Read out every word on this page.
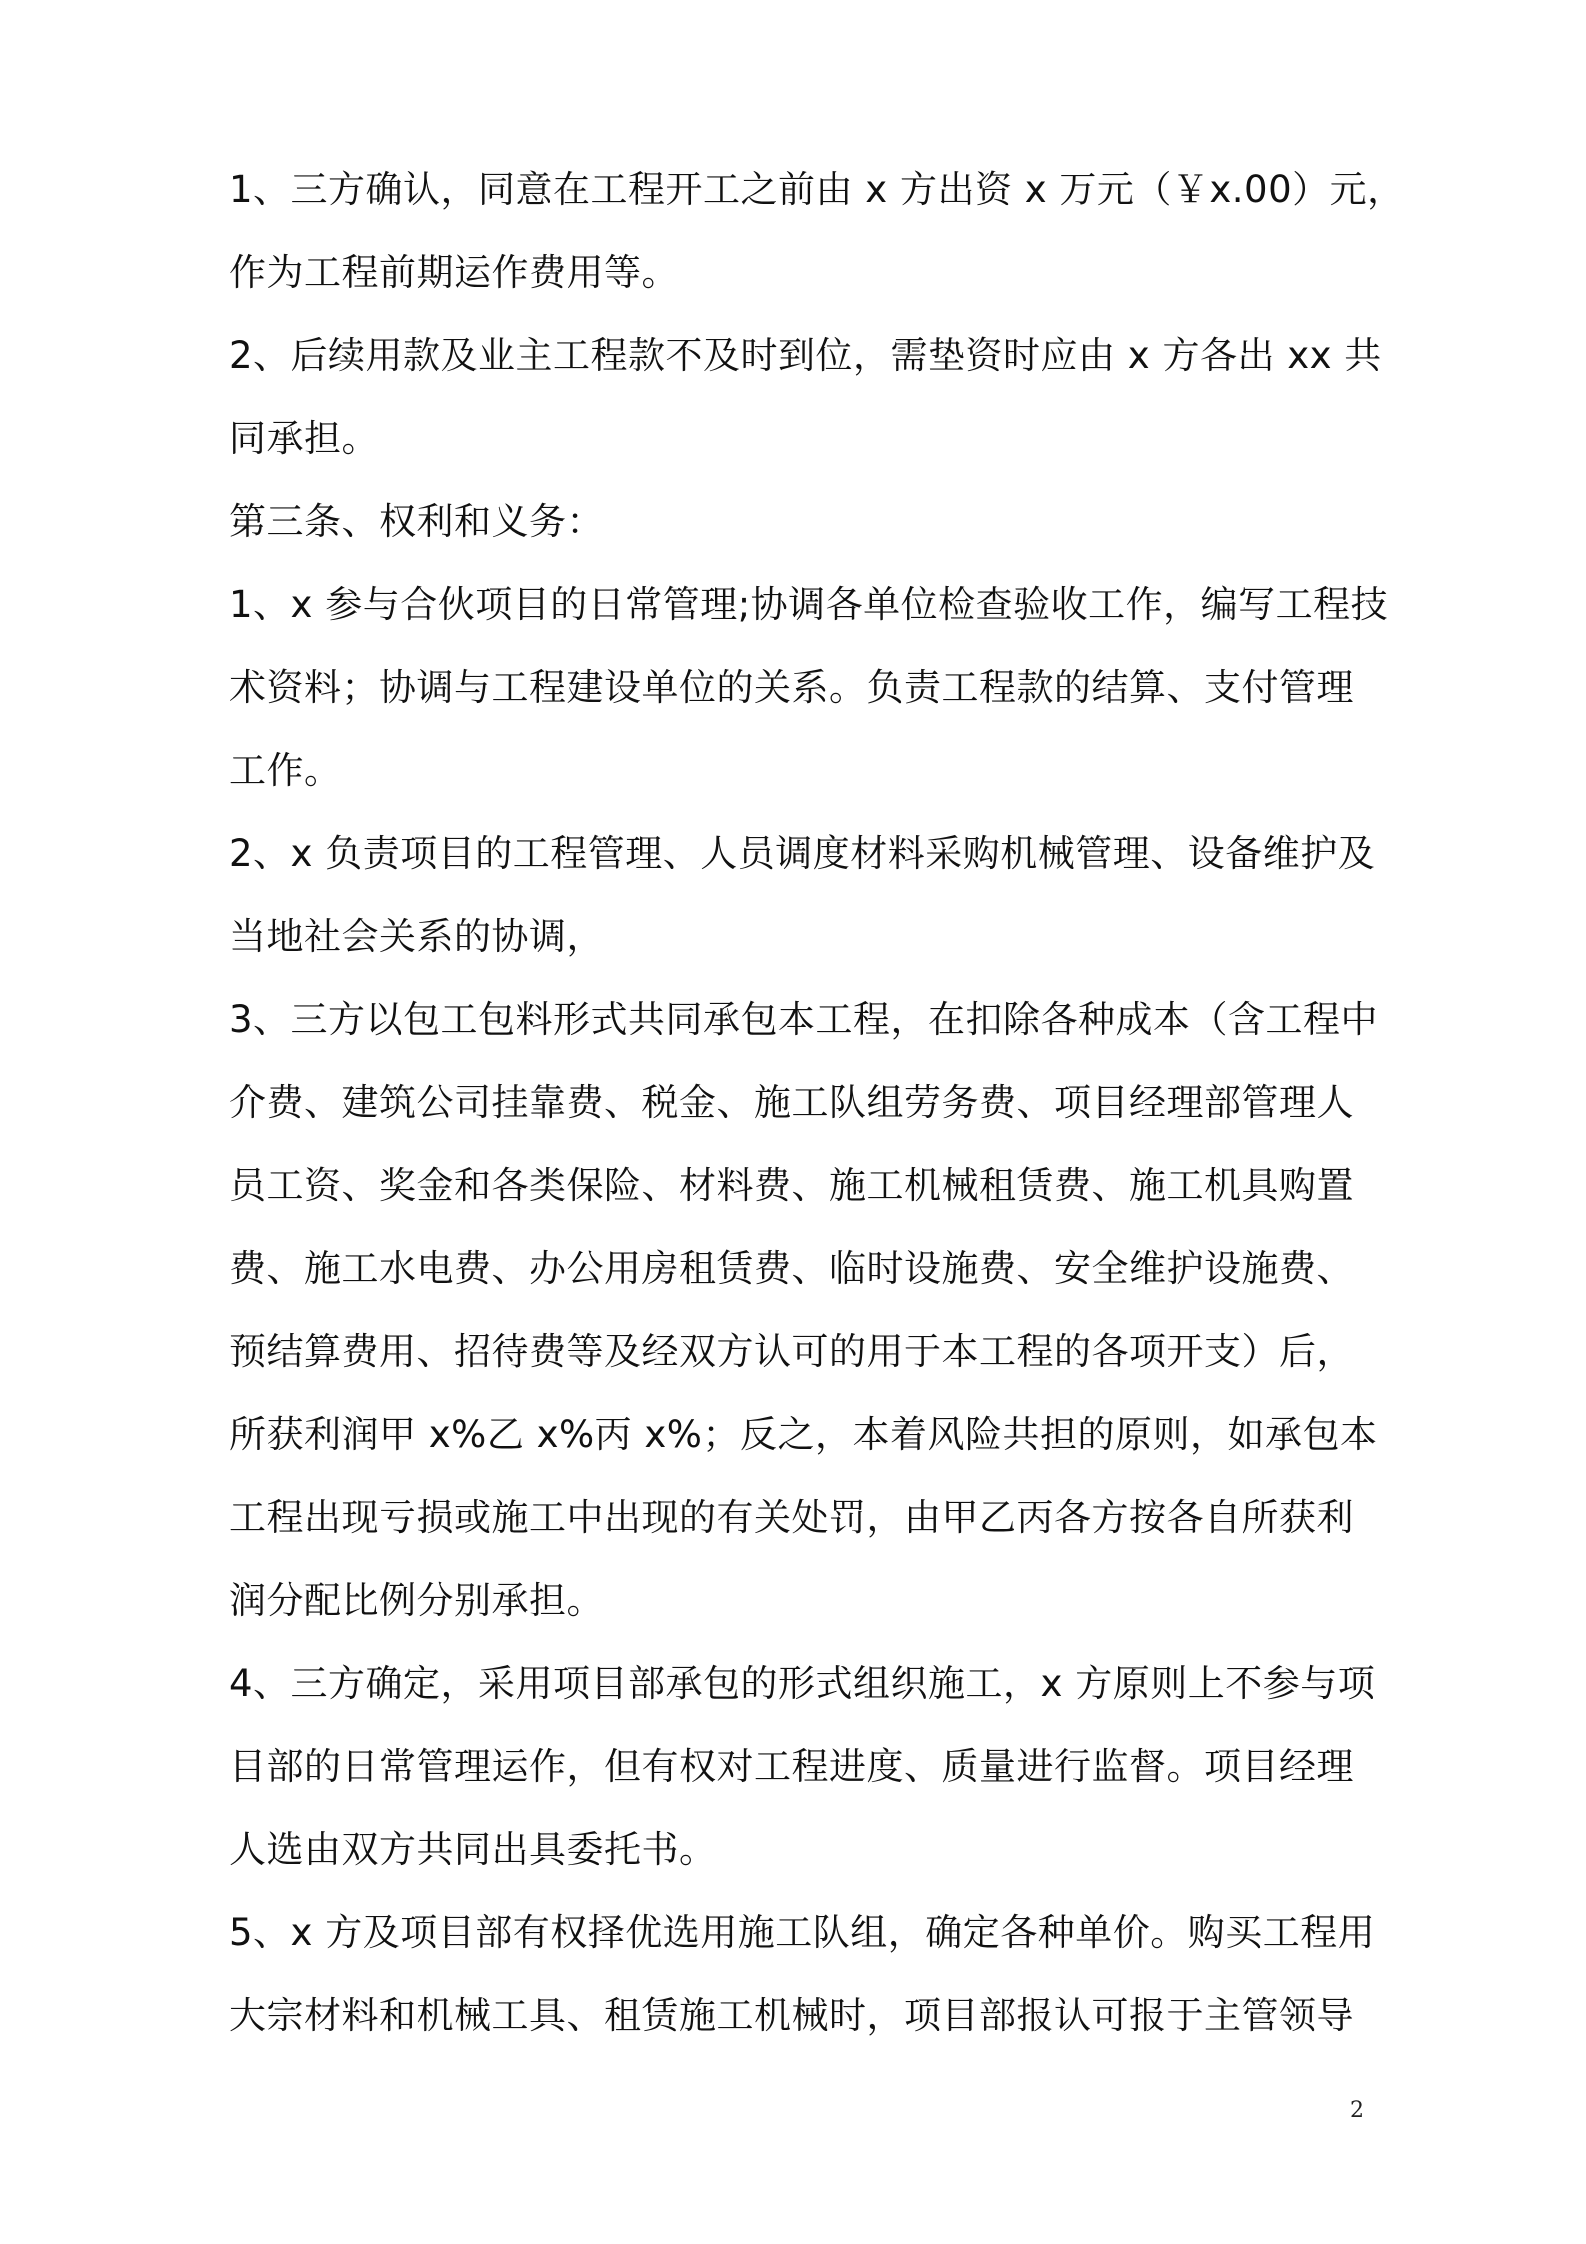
1、三方确认，同意在工程开工之前由 x 方出资 x 万元（￥x.00）元，
作为工程前期运作费用等。

2、后续用款及业主工程款不及时到位，需垫资时应由 x 方各出 xx 共
同承担。

第三条、权利和义务：

1、x 参与合伙项目的日常管理;协调各单位检查验收工作，编写工程技
术资料；协调与工程建设单位的关系。负责工程款的结算、支付管理
工作。

2、x 负责项目的工程管理、人员调度材料采购机械管理、设备维护及
当地社会关系的协调，

3、三方以包工包料形式共同承包本工程，在扣除各种成本（含工程中
介费、建筑公司挂靠费、税金、施工队组劳务费、项目经理部管理人
员工资、奖金和各类保险、材料费、施工机械租赁费、施工机具购置
费、施工水电费、办公用房租赁费、临时设施费、安全维护设施费、
预结算费用、招待费等及经双方认可的用于本工程的各项开支）后，
所获利润甲 x%乙 x%丙 x%；反之，本着风险共担的原则，如承包本
工程出现亏损或施工中出现的有关处罚，由甲乙丙各方按各自所获利
润分配比例分别承担。

4、三方确定，采用项目部承包的形式组织施工，x 方原则上不参与项
目部的日常管理运作，但有权对工程进度、质量进行监督。项目经理
人选由双方共同出具委托书。

5、x 方及项目部有权择优选用施工队组，确定各种单价。购买工程用
大宗材料和机械工具、租赁施工机械时，项目部报认可报于主管领导

2
